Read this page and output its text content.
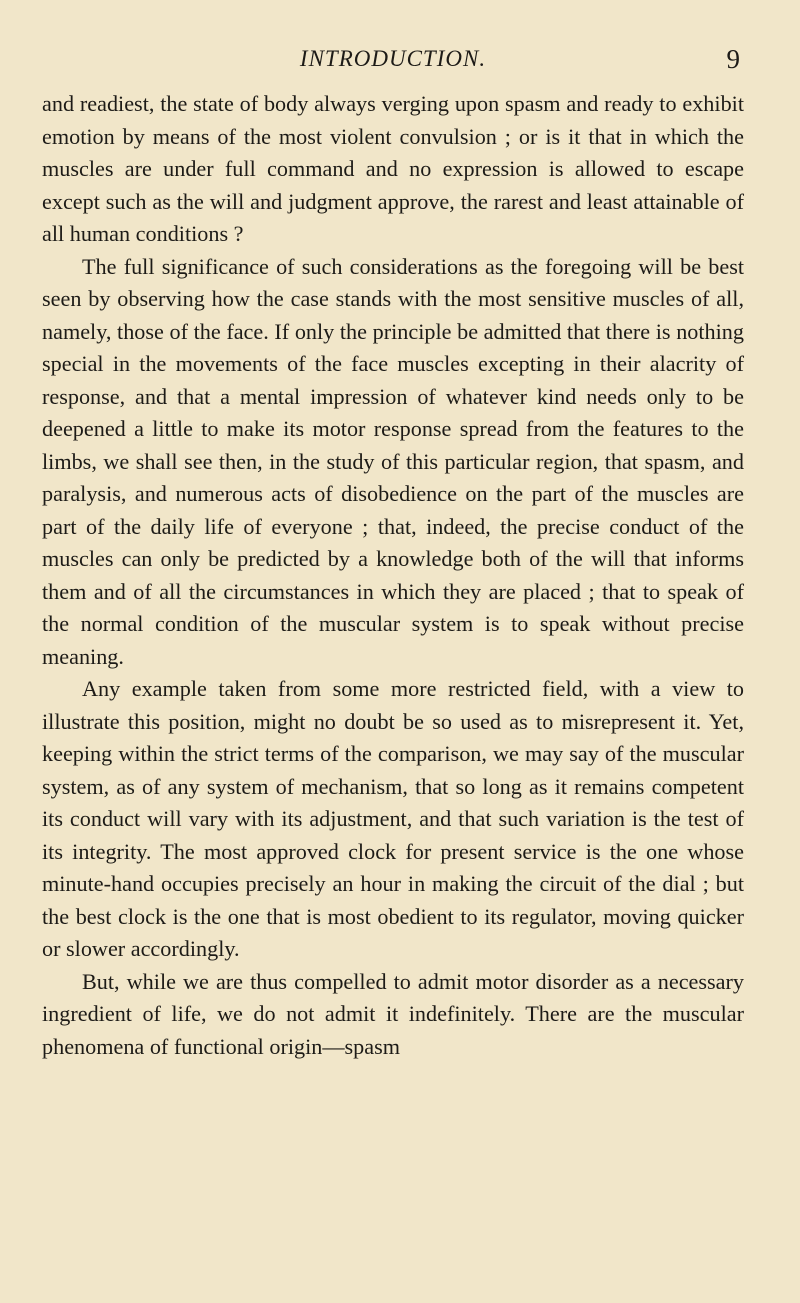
INTRODUCTION.	9

and readiest, the state of body always verging upon spasm and ready to exhibit emotion by means of the most violent convulsion ; or is it that in which the muscles are under full command and no expression is allowed to escape except such as the will and judgment approve, the rarest and least attainable of all human conditions ?

The full significance of such considerations as the foregoing will be best seen by observing how the case stands with the most sensitive muscles of all, namely, those of the face. If only the principle be admitted that there is nothing special in the movements of the face muscles excepting in their alacrity of response, and that a mental impression of whatever kind needs only to be deepened a little to make its motor response spread from the features to the limbs, we shall see then, in the study of this particular region, that spasm, and paralysis, and numerous acts of disobedience on the part of the muscles are part of the daily life of everyone ; that, indeed, the precise conduct of the muscles can only be predicted by a knowledge both of the will that informs them and of all the circumstances in which they are placed ; that to speak of the normal condition of the muscular system is to speak without precise meaning.

Any example taken from some more restricted field, with a view to illustrate this position, might no doubt be so used as to misrepresent it. Yet, keeping within the strict terms of the comparison, we may say of the muscular system, as of any system of mechanism, that so long as it remains competent its conduct will vary with its adjustment, and that such variation is the test of its integrity. The most approved clock for present service is the one whose minute-hand occupies precisely an hour in making the circuit of the dial ; but the best clock is the one that is most obedient to its regulator, moving quicker or slower accordingly.

But, while we are thus compelled to admit motor disorder as a necessary ingredient of life, we do not admit it indefinitely. There are the muscular phenomena of functional origin—spasm
